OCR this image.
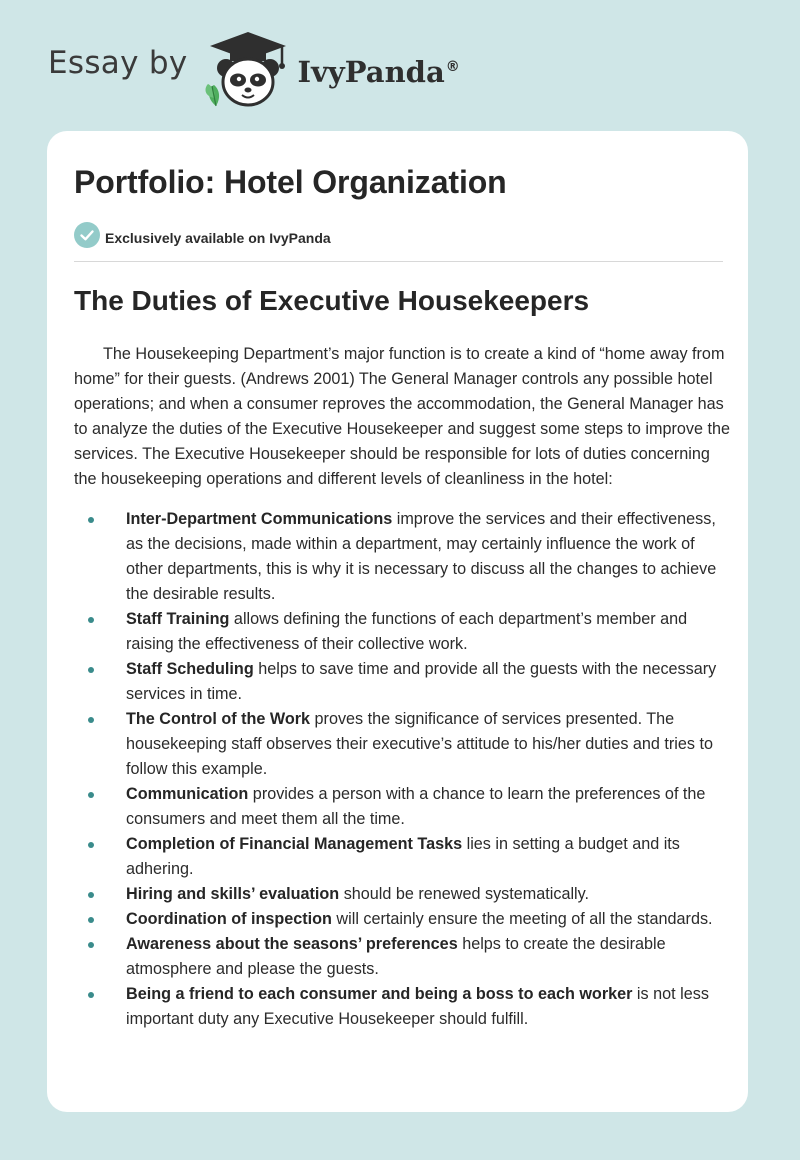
Essay by	IvyPanda®
Portfolio: Hotel Organization
Exclusively available on IvyPanda
The Duties of Executive Housekeepers

The Housekeeping Department’s major function is to create a kind of “home away from home” for their guests. (Andrews 2001) The General Manager controls any possible hotel operations; and when a consumer reproves the accommodation, the General Manager has to analyze the duties of the Executive Housekeeper and suggest some steps to improve the services. The Executive Housekeeper should be responsible for lots of duties concerning the housekeeping operations and different levels of cleanliness in the hotel:

Inter-Department Communications improve the services and their effectiveness, as the decisions, made within a department, may certainly influence the work of other departments, this is why it is necessary to discuss all the changes to achieve the desirable results.
Staff Training allows defining the functions of each department’s member and raising the effectiveness of their collective work.
Staff Scheduling helps to save time and provide all the guests with the necessary services in time.
The Control of the Work proves the significance of services presented. The housekeeping staff observes their executive’s attitude to his/her duties and tries to follow this example.
Communication provides a person with a chance to learn the preferences of the consumers and meet them all the time.
Completion of Financial Management Tasks lies in setting a budget and its adhering.
Hiring and skills’ evaluation should be renewed systematically.
Coordination of inspection will certainly ensure the meeting of all the standards.
Awareness about the seasons’ preferences helps to create the desirable atmosphere and please the guests.
Being a friend to each consumer and being a boss to each worker is not less important duty any Executive Housekeeper should fulfill.
